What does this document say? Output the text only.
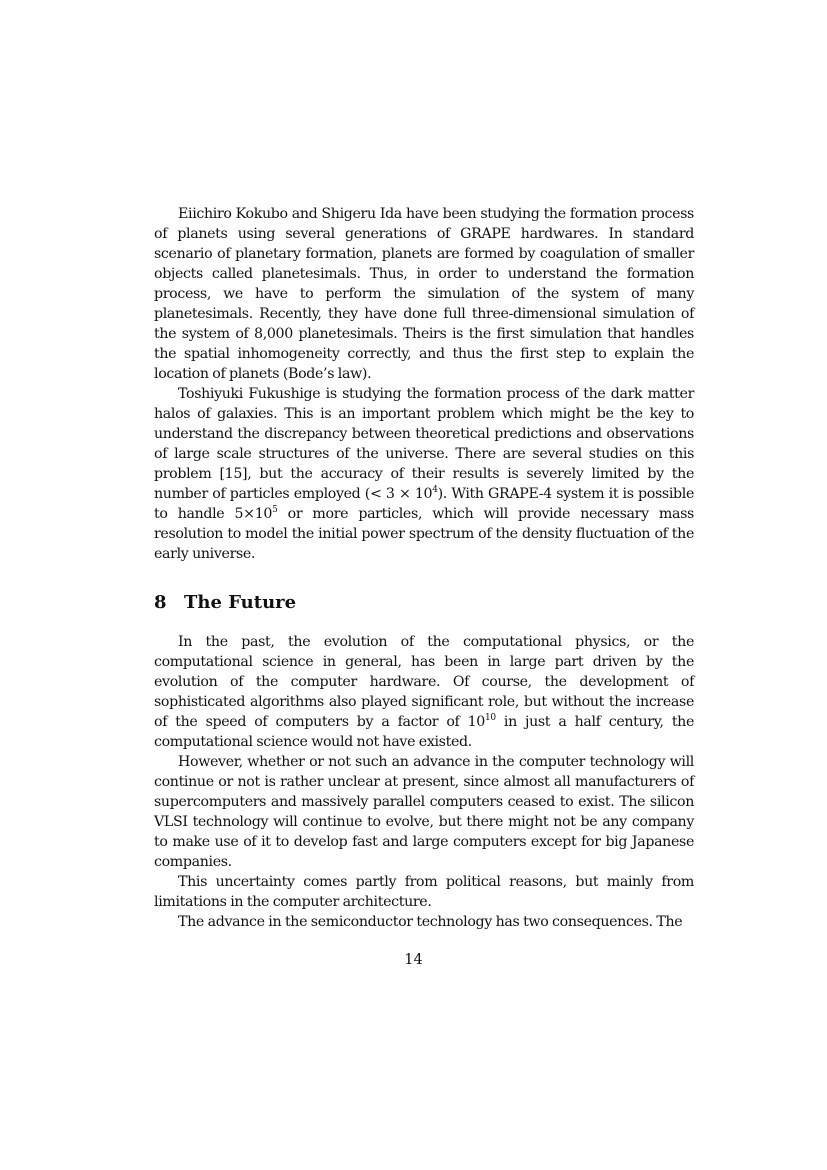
Eiichiro Kokubo and Shigeru Ida have been studying the formation process of planets using several generations of GRAPE hardwares. In standard scenario of planetary formation, planets are formed by coagulation of smaller objects called planetesimals. Thus, in order to understand the formation process, we have to perform the simulation of the system of many planetesimals. Recently, they have done full three-dimensional simulation of the system of 8,000 planetesimals. Theirs is the first simulation that handles the spatial inhomogeneity correctly, and thus the first step to explain the location of planets (Bode’s law).

Toshiyuki Fukushige is studying the formation process of the dark matter halos of galaxies. This is an important problem which might be the key to understand the discrepancy between theoretical predictions and observations of large scale structures of the universe. There are several studies on this problem [15], but the accuracy of their results is severely limited by the number of particles employed (< $3 \times 10^4$). With GRAPE-4 system it is possible to handle $5\times 10^5$ or more particles, which will provide necessary mass resolution to model the initial power spectrum of the density fluctuation of the early universe.

8 The Future

In the past, the evolution of the computational physics, or the computational science in general, has been in large part driven by the evolution of the computer hardware. Of course, the development of sophisticated algorithms also played significant role, but without the increase of the speed of computers by a factor of $10^{10}$ in just a half century, the computational science would not have existed.

However, whether or not such an advance in the computer technology will continue or not is rather unclear at present, since almost all manufacturers of supercomputers and massively parallel computers ceased to exist. The silicon VLSI technology will continue to evolve, but there might not be any company to make use of it to develop fast and large computers except for big Japanese companies.

This uncertainty comes partly from political reasons, but mainly from limitations in the computer architecture.

The advance in the semiconductor technology has two consequences. The

14
